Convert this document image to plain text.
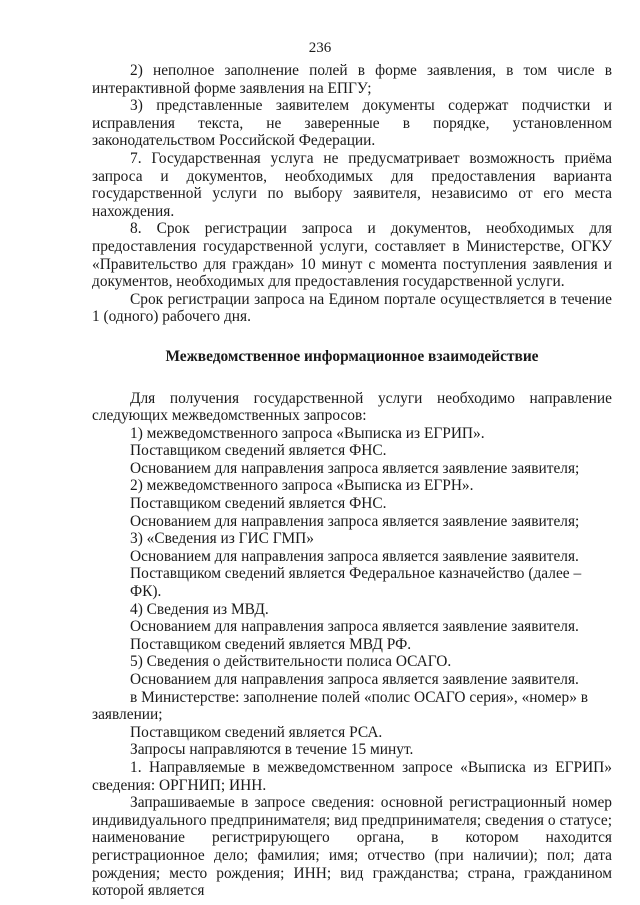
236

2) неполное заполнение полей в форме заявления, в том числе в интерактивной форме заявления на ЕПГУ;

3) представленные заявителем документы содержат подчистки и исправления текста, не заверенные в порядке, установленном законодательством Российской Федерации.

7. Государственная услуга не предусматривает возможность приёма запроса и документов, необходимых для предоставления варианта государственной услуги по выбору заявителя, независимо от его места нахождения.

8. Срок регистрации запроса и документов, необходимых для предоставления государственной услуги, составляет в Министерстве, ОГКУ «Правительство для граждан» 10 минут с момента поступления заявления и документов, необходимых для предоставления государственной услуги.

Срок регистрации запроса на Едином портале осуществляется в течение 1 (одного) рабочего дня.

Межведомственное информационное взаимодействие

Для получения государственной услуги необходимо направление следующих межведомственных запросов:

1) межведомственного запроса «Выписка из ЕГРИП».

Поставщиком сведений является ФНС.

Основанием для направления запроса является заявление заявителя;

2) межведомственного запроса «Выписка из ЕГРН».

Поставщиком сведений является ФНС.

Основанием для направления запроса является заявление заявителя;

3) «Сведения из ГИС ГМП»

Основанием для направления запроса является заявление заявителя.

Поставщиком сведений является Федеральное казначейство (далее – ФК).

4) Сведения из МВД.

Основанием для направления запроса является заявление заявителя.

Поставщиком сведений является МВД РФ.

5) Сведения о действительности полиса ОСАГО.

Основанием для направления запроса является заявление заявителя.

в Министерстве: заполнение полей «полис ОСАГО серия», «номер» в

заявлении;

Поставщиком сведений является РСА.

Запросы направляются в течение 15 минут.

1. Направляемые в межведомственном запросе «Выписка из ЕГРИП» сведения: ОРГНИП; ИНН.

Запрашиваемые в запросе сведения: основной регистрационный номер индивидуального предпринимателя; вид предпринимателя; сведения о статусе; наименование регистрирующего органа, в котором находится регистрационное дело; фамилия; имя; отчество (при наличии); пол; дата рождения; место рождения; ИНН; вид гражданства; страна, гражданином которой является
